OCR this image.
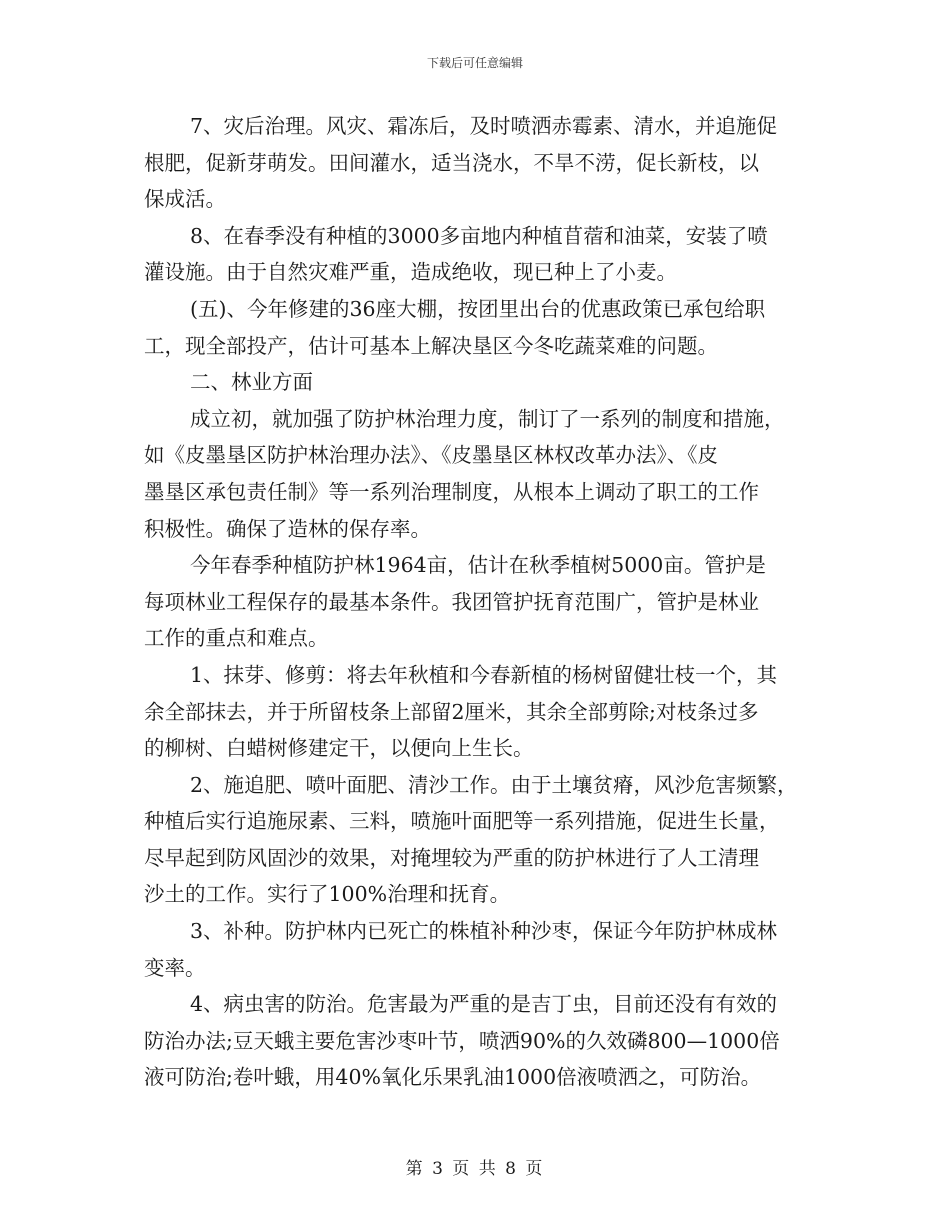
下载后可任意编辑
7、灾后治理。风灾、霜冻后，及时喷洒赤霉素、清水，并追施促
根肥，促新芽萌发。田间灌水，适当浇水，不旱不涝，促长新枝，以
保成活。
8、在春季没有种植的3000多亩地内种植苜蓿和油菜，安装了喷
灌设施。由于自然灾难严重，造成绝收，现已种上了小麦。
(五)、今年修建的36座大棚，按团里出台的优惠政策已承包给职
工，现全部投产，估计可基本上解决垦区今冬吃蔬菜难的问题。
二、林业方面
成立初，就加强了防护林治理力度，制订了一系列的制度和措施，
如《皮墨垦区防护林治理办法》、《皮墨垦区林权改革办法》、《皮
墨垦区承包责任制》等一系列治理制度，从根本上调动了职工的工作
积极性。确保了造林的保存率。
今年春季种植防护林1964亩，估计在秋季植树5000亩。管护是
每项林业工程保存的最基本条件。我团管护抚育范围广，管护是林业
工作的重点和难点。
1、抹芽、修剪：将去年秋植和今春新植的杨树留健壮枝一个，其
余全部抹去，并于所留枝条上部留2厘米，其余全部剪除;对枝条过多
的柳树、白蜡树修建定干，以便向上生长。
2、施追肥、喷叶面肥、清沙工作。由于土壤贫瘠，风沙危害频繁，
种植后实行追施尿素、三料，喷施叶面肥等一系列措施，促进生长量，
尽早起到防风固沙的效果，对掩埋较为严重的防护林进行了人工清理
沙土的工作。实行了100%治理和抚育。
3、补种。防护林内已死亡的株植补种沙枣，保证今年防护林成林
变率。
4、病虫害的防治。危害最为严重的是吉丁虫，目前还没有有效的
防治办法;豆天蛾主要危害沙枣叶节，喷洒90%的久效磷800—1000倍
液可防治;卷叶蛾，用40%氧化乐果乳油1000倍液喷洒之，可防治。
第 3 页 共 8 页
